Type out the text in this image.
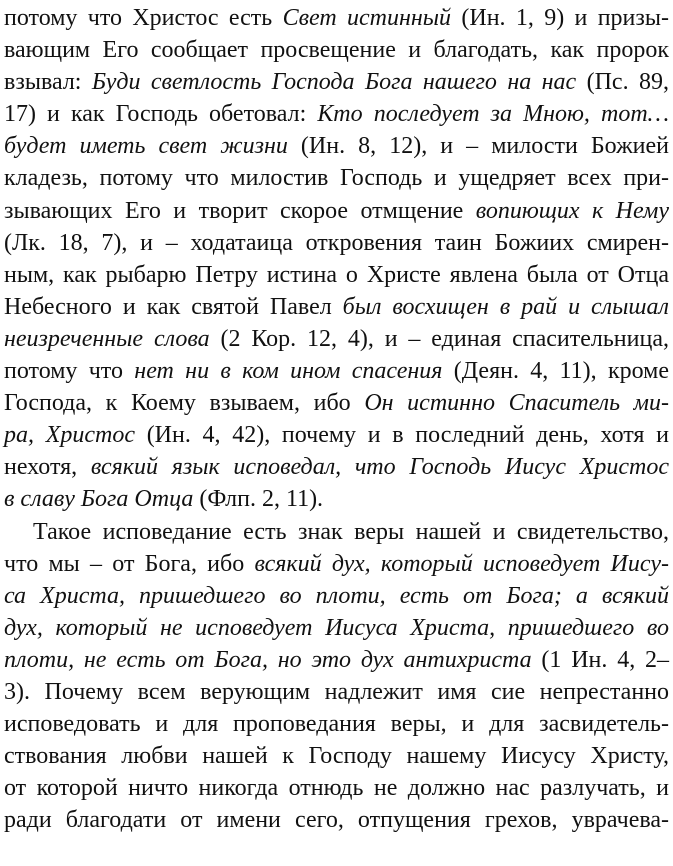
потому что Христос есть Свет истинный (Ин. 1, 9) и призы-
вающим Его сообщает просвещение и благодать, как пророк
взывал: Буди светлость Господа Бога нашего на нас (Пс. 89,
17) и как Господь обетовал: Кто последует за Мною, тот…
будет иметь свет жизни (Ин. 8, 12), и – милости Божией
кладезь, потому что милостив Господь и ущедряет всех при-
зывающих Его и творит скорое отмщение вопиющих к Нему
(Лк. 18, 7), и – ходатаица откровения таин Божиих смирен-
ным, как рыбарю Петру истина о Христе явлена была от Отца
Небесного и как святой Павел был восхищен в рай и слышал
неизреченные слова (2 Кор. 12, 4), и – единая спасительница,
потому что нет ни в ком ином спасения (Деян. 4, 11), кроме
Господа, к Коему взываем, ибо Он истинно Спаситель ми-
ра, Христос (Ин. 4, 42), почему и в последний день, хотя и
нехотя, всякий язык исповедал, что Господь Иисус Христос
в славу Бога Отца (Флп. 2, 11).
Такое исповедание есть знак веры нашей и свидетельство,
что мы – от Бога, ибо всякий дух, который исповедует Иису-
са Христа, пришедшего во плоти, есть от Бога; а всякий
дух, который не исповедует Иисуса Христа, пришедшего во
плоти, не есть от Бога, но это дух антихриста (1 Ин. 4, 2–
3). Почему всем верующим надлежит имя сие непрестанно
исповедовать и для проповедания веры, и для засвидетель-
ствования любви нашей к Господу нашему Иисусу Христу,
от которой ничто никогда отнюдь не должно нас разлучать, и
ради благодати от имени сего, отпущения грехов, уврачева-
